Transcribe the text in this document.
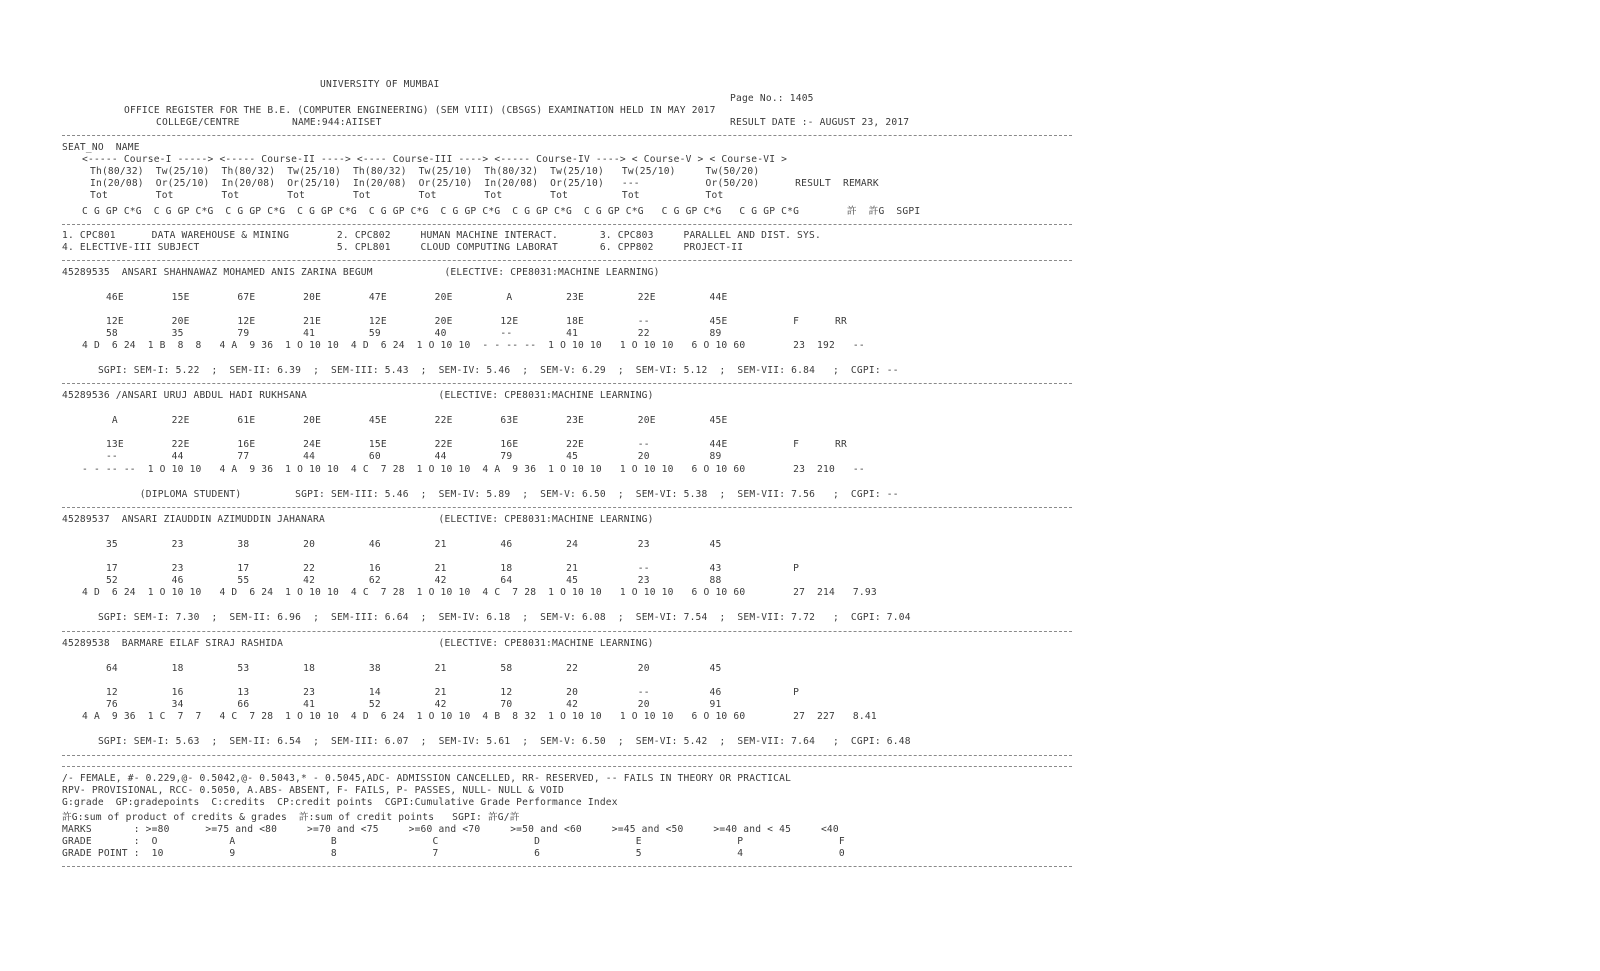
UNIVERSITY OF MUMBAI
Page No.: 1405
OFFICE REGISTER FOR THE B.E. (COMPUTER ENGINEERING) (SEM VIII) (CBSGS) EXAMINATION HELD IN MAY 2017
COLLEGE/CENTRE	NAME:944:AIISET	RESULT DATE :- AUGUST 23, 2017
SEAT_NO  NAME
<----- Course-I -----> <----- Course-II ----> <---- Course-III ----> <----- Course-IV ----> < Course-V > < Course-VI >
Th(80/32)  Tw(25/10)  Th(80/32)  Tw(25/10)  Th(80/32)  Tw(25/10)  Th(80/32)  Tw(25/10)   Tw(25/10)     Tw(50/20)
In(20/08)  Or(25/10)  In(20/08)  Or(25/10)  In(20/08)  Or(25/10)  In(20/08)  Or(25/10)   ---           Or(50/20)      RESULT  REMARK
Tot        Tot        Tot        Tot        Tot        Tot        Tot        Tot         Tot           Tot
C G GP C*G  C G GP C*G  C G GP C*G  C G GP C*G  C G GP C*G  C G GP C*G  C G GP C*G  C G GP C*G   C G GP C*G   C G GP C*G        許  許G  SGPI
1. CPC801      DATA WAREHOUSE & MINING        2. CPC802     HUMAN MACHINE INTERACT.       3. CPC803     PARALLEL AND DIST. SYS.
4. ELECTIVE-III SUBJECT                       5. CPL801     CLOUD COMPUTING LABORAT       6. CPP802     PROJECT-II
45289535  ANSARI SHAHNAWAZ MOHAMED ANIS ZARINA BEGUM            (ELECTIVE: CPE8031:MACHINE LEARNING)
46E        15E        67E        20E        47E        20E         A         23E         22E         44E
12E        20E        12E        21E        12E        20E        12E        18E         --          45E           F      RR
58         35         79         41         59         40         --         41          22          89
4 D  6 24  1 B  8  8   4 A  9 36  1 O 10 10  4 D  6 24  1 O 10 10  - - -- --  1 O 10 10   1 O 10 10   6 O 10 60        23  192   --
SGPI: SEM-I: 5.22  ;  SEM-II: 6.39  ;  SEM-III: 5.43  ;  SEM-IV: 5.46  ;  SEM-V: 6.29  ;  SEM-VI: 5.12  ;  SEM-VII: 6.84   ;  CGPI: --
45289536 /ANSARI URUJ ABDUL HADI RUKHSANA                      (ELECTIVE: CPE8031:MACHINE LEARNING)
A         22E        61E        20E        45E        22E        63E        23E         20E         45E
13E        22E        16E        24E        15E        22E        16E        22E         --          44E           F      RR
--         44         77         44         60         44         79         45          20          89
- - -- --  1 O 10 10   4 A  9 36  1 O 10 10  4 C  7 28  1 O 10 10  4 A  9 36  1 O 10 10   1 O 10 10   6 O 10 60        23  210   --
(DIPLOMA STUDENT)         SGPI: SEM-III: 5.46  ;  SEM-IV: 5.89  ;  SEM-V: 6.50  ;  SEM-VI: 5.38  ;  SEM-VII: 7.56   ;  CGPI: --
45289537  ANSARI ZIAUDDIN AZIMUDDIN JAHANARA                   (ELECTIVE: CPE8031:MACHINE LEARNING)
35         23         38         20         46         21         46         24          23          45
17         23         17         22         16         21         18         21          --          43            P
52         46         55         42         62         42         64         45          23          88
4 D  6 24  1 O 10 10   4 D  6 24  1 O 10 10  4 C  7 28  1 O 10 10  4 C  7 28  1 O 10 10   1 O 10 10   6 O 10 60        27  214   7.93
SGPI: SEM-I: 7.30  ;  SEM-II: 6.96  ;  SEM-III: 6.64  ;  SEM-IV: 6.18  ;  SEM-V: 6.08  ;  SEM-VI: 7.54  ;  SEM-VII: 7.72   ;  CGPI: 7.04
45289538  BARMARE EILAF SIRAJ RASHIDA                          (ELECTIVE: CPE8031:MACHINE LEARNING)
64         18         53         18         38         21         58         22          20          45
12         16         13         23         14         21         12         20          --          46            P
76         34         66         41         52         42         70         42          20          91
4 A  9 36  1 C  7  7   4 C  7 28  1 O 10 10  4 D  6 24  1 O 10 10  4 B  8 32  1 O 10 10   1 O 10 10   6 O 10 60        27  227   8.41
SGPI: SEM-I: 5.63  ;  SEM-II: 6.54  ;  SEM-III: 6.07  ;  SEM-IV: 5.61  ;  SEM-V: 6.50  ;  SEM-VI: 5.42  ;  SEM-VII: 7.64   ;  CGPI: 6.48
/- FEMALE, #- 0.229,@- 0.5042,@- 0.5043,* - 0.5045,ADC- ADMISSION CANCELLED, RR- RESERVED, -- FAILS IN THEORY OR PRACTICAL
RPV- PROVISIONAL, RCC- 0.5050, A.ABS- ABSENT, F- FAILS, P- PASSES, NULL- NULL & VOID
G:grade  GP:gradepoints  C:credits  CP:credit points  CGPI:Cumulative Grade Performance Index
許G:sum of product of credits & grades  許:sum of credit points   SGPI: 許G/許
MARKS       : >=80      >=75 and <80     >=70 and <75     >=60 and <70     >=50 and <60     >=45 and <50     >=40 and < 45     <40
GRADE       :  O            A                B                C                D                E                P                F
GRADE POINT :  10           9                8                7                6                5                4                0
